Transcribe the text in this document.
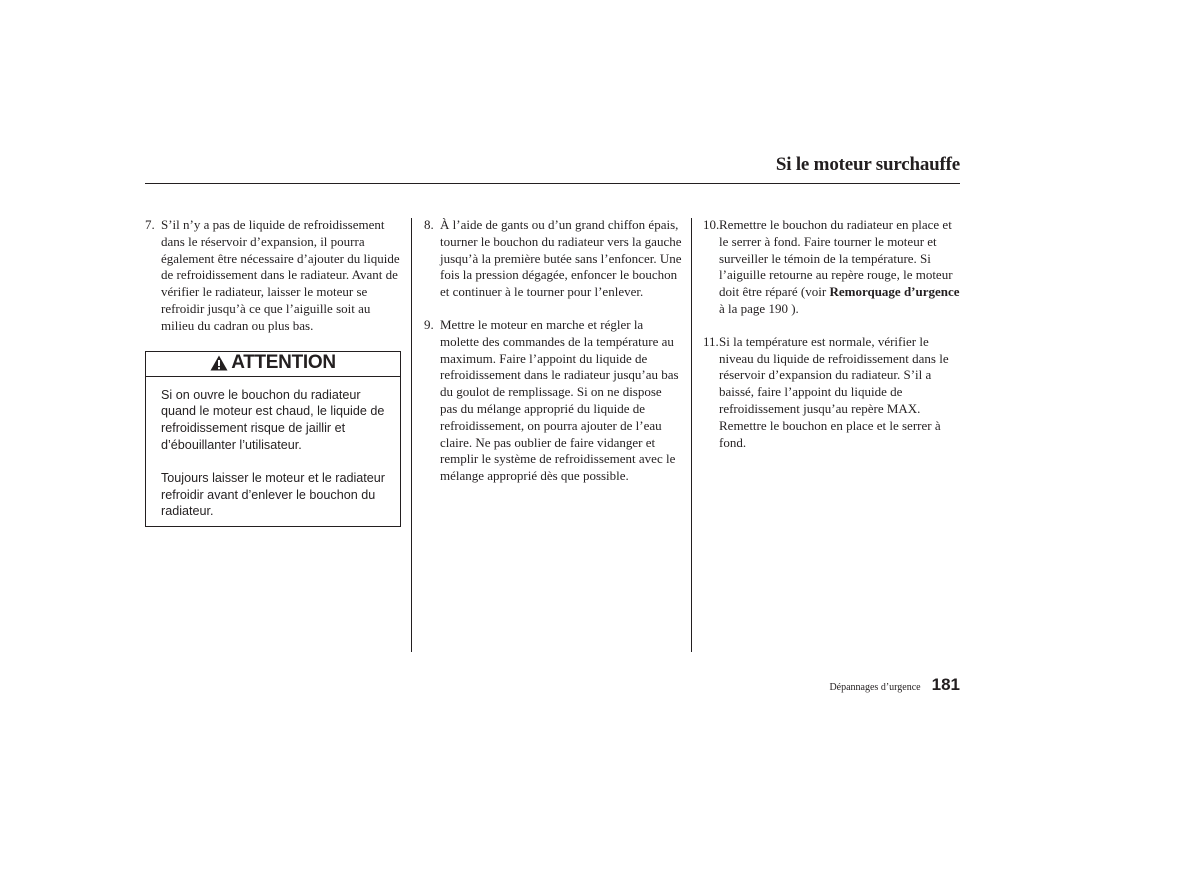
Si le moteur surchauffe
7. S’il n’y a pas de liquide de refroidissement dans le réservoir d’expansion, il pourra également être nécessaire d’ajouter du liquide de refroidissement dans le radiateur. Avant de vérifier le radiateur, laisser le moteur se refroidir jusqu’à ce que l’aiguille soit au milieu du cadran ou plus bas.
ATTENTION

Si on ouvre le bouchon du radiateur quand le moteur est chaud, le liquide de refroidissement risque de jaillir et d’ébouillanter l’utilisateur.

Toujours laisser le moteur et le radiateur refroidir avant d’enlever le bouchon du radiateur.

8. À l’aide de gants ou d’un grand chiffon épais, tourner le bouchon du radiateur vers la gauche jusqu’à la première butée sans l’enfoncer. Une fois la pression dégagée, enfoncer le bouchon et continuer à le tourner pour l’enlever.
9. Mettre le moteur en marche et régler la molette des commandes de la température au maximum. Faire l’appoint du liquide de refroidissement dans le radiateur jusqu’au bas du goulot de remplissage. Si on ne dispose pas du mélange approprié du liquide de refroidissement, on pourra ajouter de l’eau claire. Ne pas oublier de faire vidanger et remplir le système de refroidissement avec le mélange approprié dès que possible.
10. Remettre le bouchon du radiateur en place et le serrer à fond. Faire tourner le moteur et surveiller le témoin de la température. Si l’aiguille retourne au repère rouge, le moteur doit être réparé (voir Remorquage d’urgence à la page 190 ).
11. Si la température est normale, vérifier le niveau du liquide de refroidissement dans le réservoir d’expansion du radiateur. S’il a baissé, faire l’appoint du liquide de refroidissement jusqu’au repère MAX. Remettre le bouchon en place et le serrer à fond.
Dépannages d’urgence 181
